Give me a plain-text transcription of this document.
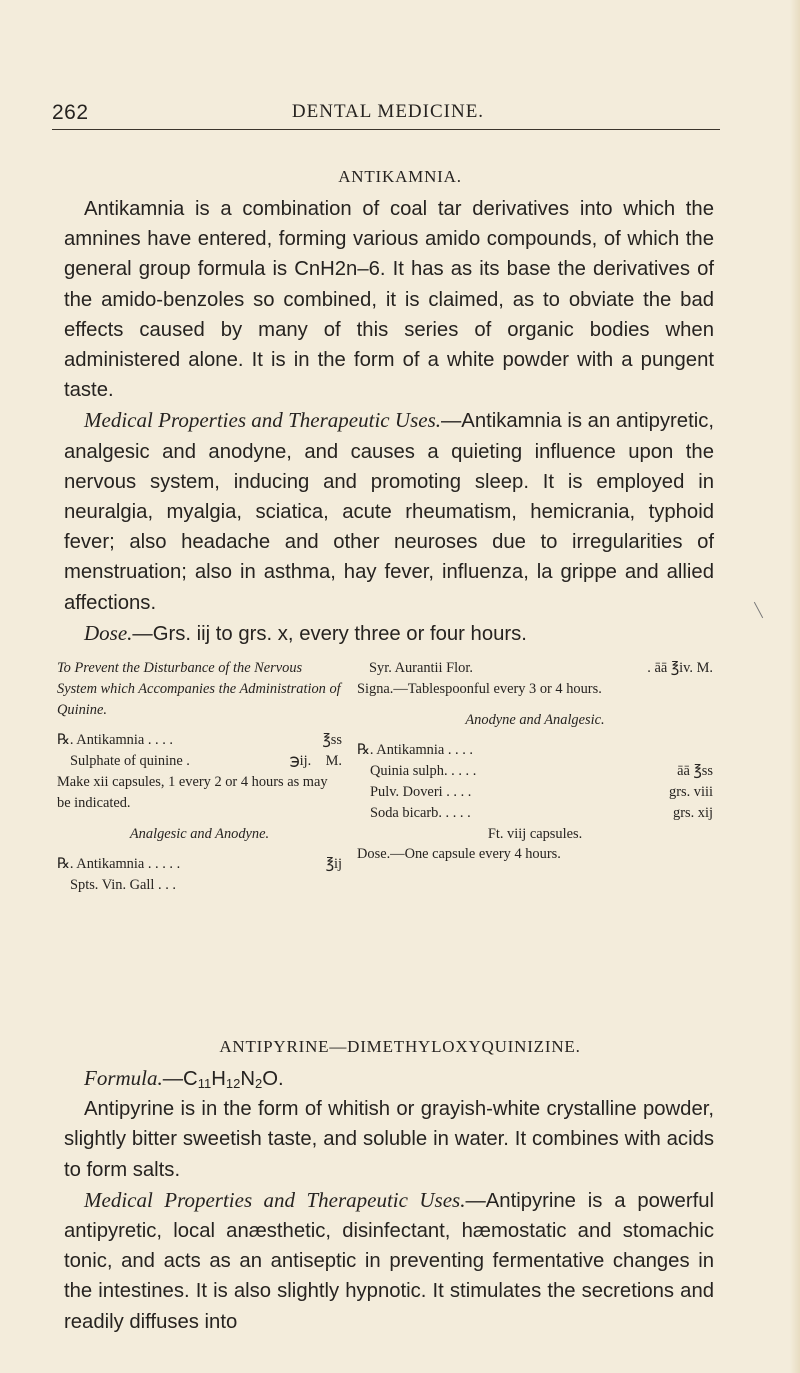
262	DENTAL MEDICINE.
ANTIKAMNIA.

Antikamnia is a combination of coal tar derivatives into which the amnines have entered, forming various amido compounds, of which the general group formula is CnH2n–6. It has as its base the derivatives of the amido-benzoles so combined, it is claimed, as to obviate the bad effects caused by many of this series of organic bodies when administered alone. It is in the form of a white powder with a pungent taste.

Medical Properties and Therapeutic Uses.—Antikamnia is an antipyretic, analgesic and anodyne, and causes a quieting influence upon the nervous system, inducing and promoting sleep. It is employed in neuralgia, myalgia, sciatica, acute rheumatism, hemicrania, typhoid fever; also headache and other neuroses due to irregularities of menstruation; also in asthma, hay fever, influenza, la grippe and allied affections.

Dose.—Grs. iij to grs. x, every three or four hours.

To Prevent the Disturbance of the Nervous System which Accompanies the Administration of Quinine.
℞. Antikamnia . . . .	℥ss
Sulphate of quinine .	℈ij.    M.
Make xii capsules, 1 every 2 or 4 hours as may be indicated.
Analgesic and Anodyne.
℞. Antikamnia . . . . .	℥ij
Spts. Vin. Gall . . .
Syr. Aurantii Flor.	. āā ℥iv. M.
Signa.—Tablespoonful every 3 or 4 hours.
Anodyne and Analgesic.
℞. Antikamnia . . . .
Quinia sulph. . . . .	āā ℥ss
Pulv. Doveri . . . .	grs. viii
Soda bicarb. . . . .	grs. xij
Ft. viij capsules.
Dose.—One capsule every 4 hours.
ANTIPYRINE—DIMETHYLOXYQUINIZINE.

$Formula.—C_{11}H_{12}N_2O$.

Antipyrine is in the form of whitish or grayish-white crystalline powder, slightly bitter sweetish taste, and soluble in water. It combines with acids to form salts.

Medical Properties and Therapeutic Uses.—Antipyrine is a powerful antipyretic, local anæsthetic, disinfectant, hæmostatic and stomachic tonic, and acts as an antiseptic in preventing fermentative changes in the intestines. It is also slightly hypnotic. It stimulates the secretions and readily diffuses into
